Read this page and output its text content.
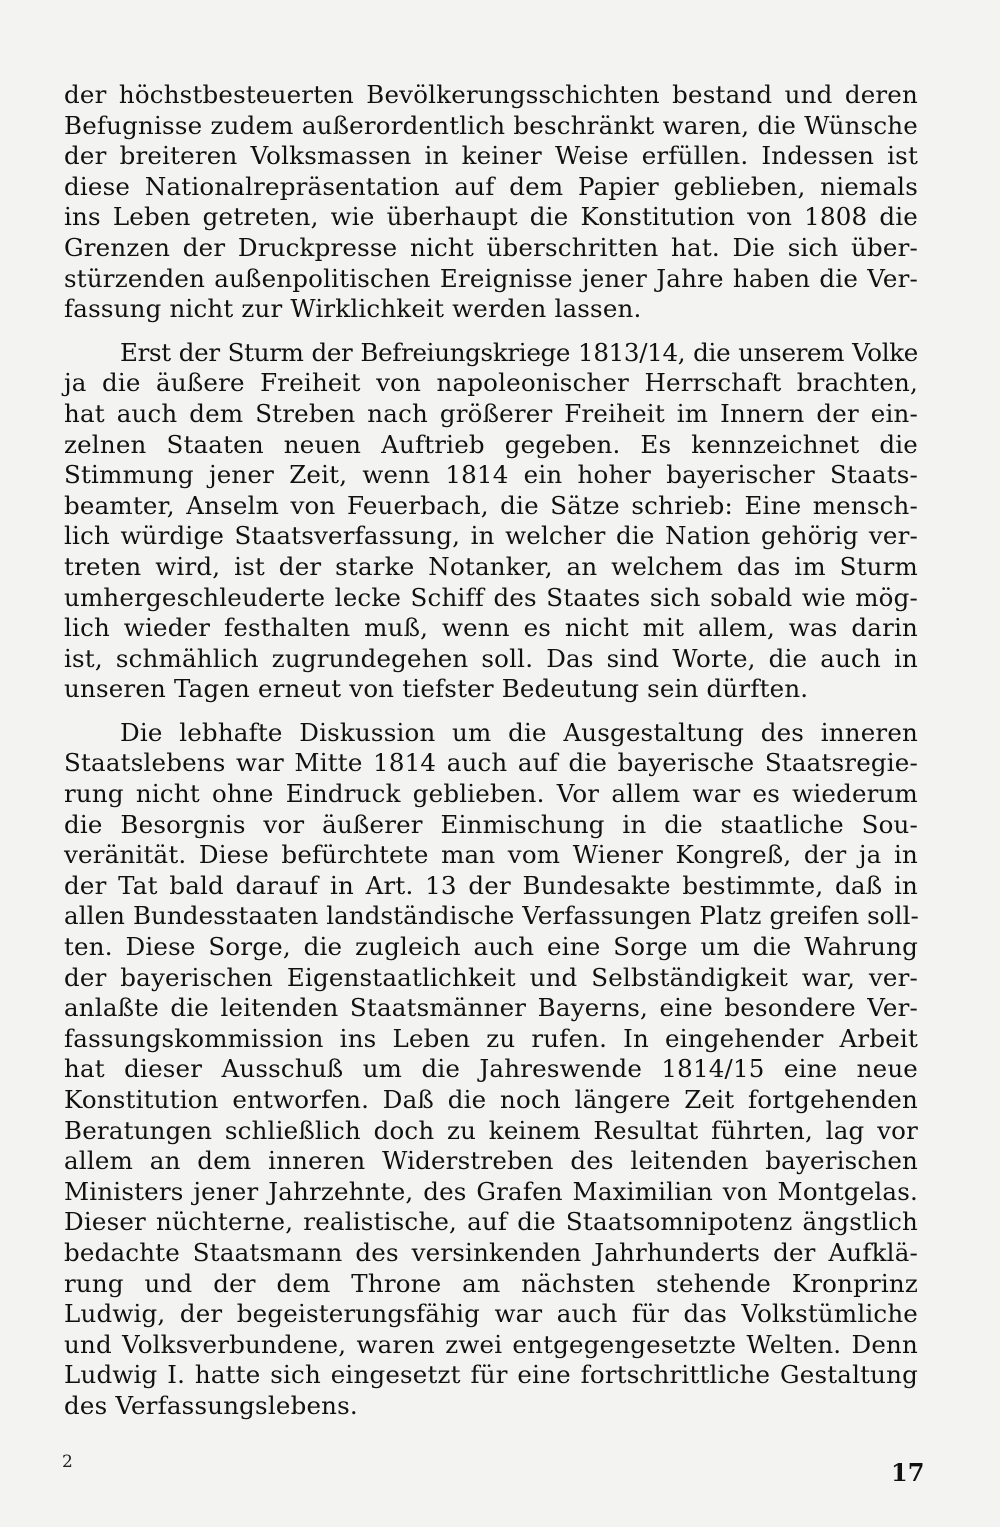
der höchstbesteuerten Bevölkerungsschichten bestand und deren
Befugnisse zudem außerordentlich beschränkt waren, die Wünsche
der breiteren Volksmassen in keiner Weise erfüllen. Indessen ist
diese Nationalrepräsentation auf dem Papier geblieben, niemals
ins Leben getreten, wie überhaupt die Konstitution von 1808 die
Grenzen der Druckpresse nicht überschritten hat. Die sich über-
stürzenden außenpolitischen Ereignisse jener Jahre haben die Ver-
fassung nicht zur Wirklichkeit werden lassen.

Erst der Sturm der Befreiungskriege 1813/14, die unserem Volke
ja die äußere Freiheit von napoleonischer Herrschaft brachten,
hat auch dem Streben nach größerer Freiheit im Innern der ein-
zelnen Staaten neuen Auftrieb gegeben. Es kennzeichnet die
Stimmung jener Zeit, wenn 1814 ein hoher bayerischer Staats-
beamter, Anselm von Feuerbach, die Sätze schrieb: Eine mensch-
lich würdige Staatsverfassung, in welcher die Nation gehörig ver-
treten wird, ist der starke Notanker, an welchem das im Sturm
umhergeschleuderte lecke Schiff des Staates sich sobald wie mög-
lich wieder festhalten muß, wenn es nicht mit allem, was darin
ist, schmählich zugrundegehen soll. Das sind Worte, die auch in
unseren Tagen erneut von tiefster Bedeutung sein dürften.

Die lebhafte Diskussion um die Ausgestaltung des inneren
Staatslebens war Mitte 1814 auch auf die bayerische Staatsregie-
rung nicht ohne Eindruck geblieben. Vor allem war es wiederum
die Besorgnis vor äußerer Einmischung in die staatliche Sou-
veränität. Diese befürchtete man vom Wiener Kongreß, der ja in
der Tat bald darauf in Art. 13 der Bundesakte bestimmte, daß in
allen Bundesstaaten landständische Verfassungen Platz greifen soll-
ten. Diese Sorge, die zugleich auch eine Sorge um die Wahrung
der bayerischen Eigenstaatlichkeit und Selbständigkeit war, ver-
anlaßte die leitenden Staatsmänner Bayerns, eine besondere Ver-
fassungskommission ins Leben zu rufen. In eingehender Arbeit
hat dieser Ausschuß um die Jahreswende 1814/15 eine neue
Konstitution entworfen. Daß die noch längere Zeit fortgehenden
Beratungen schließlich doch zu keinem Resultat führten, lag vor
allem an dem inneren Widerstreben des leitenden bayerischen
Ministers jener Jahrzehnte, des Grafen Maximilian von Montgelas.
Dieser nüchterne, realistische, auf die Staatsomnipotenz ängstlich
bedachte Staatsmann des versinkenden Jahrhunderts der Aufklä-
rung und der dem Throne am nächsten stehende Kronprinz
Ludwig, der begeisterungsfähig war auch für das Volkstümliche
und Volksverbundene, waren zwei entgegengesetzte Welten. Denn
Ludwig I. hatte sich eingesetzt für eine fortschrittliche Gestaltung
des Verfassungslebens.

2	17
